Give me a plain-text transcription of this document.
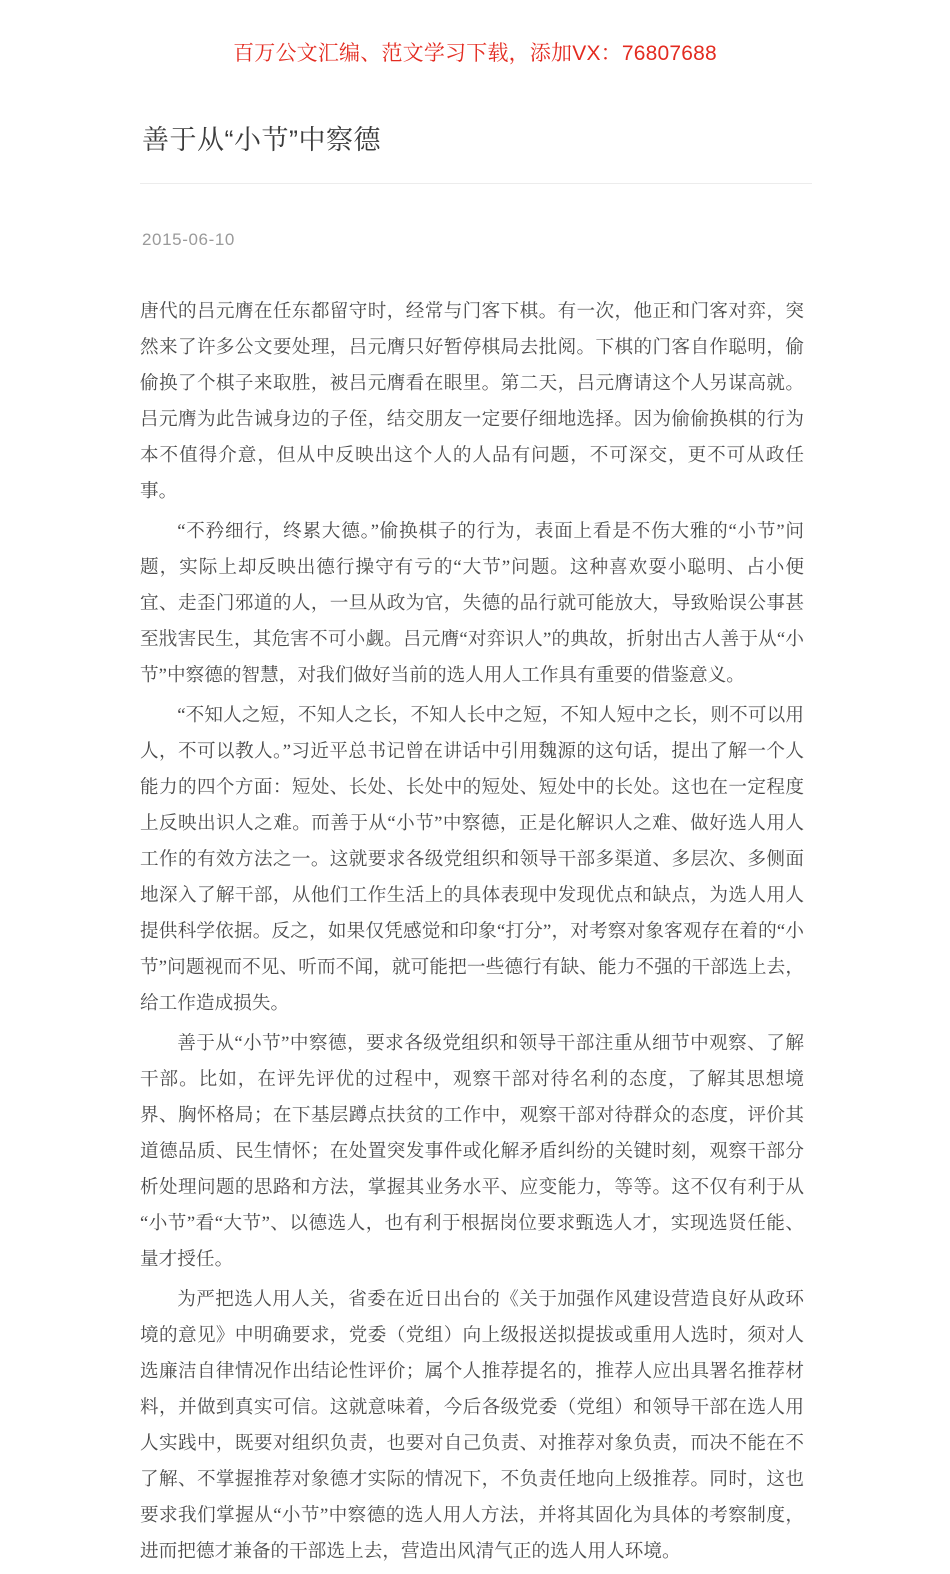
百万公文汇编、范文学习下载，添加VX：76807688
善于从“小节”中察德
2015-06-10

唐代的吕元膺在任东都留守时，经常与门客下棋。有一次，他正和门客对弈，突然来了许多公文要处理，吕元膺只好暂停棋局去批阅。下棋的门客自作聪明，偷偷换了个棋子来取胜，被吕元膺看在眼里。第二天，吕元膺请这个人另谋高就。吕元膺为此告诫身边的子侄，结交朋友一定要仔细地选择。因为偷偷换棋的行为本不值得介意，但从中反映出这个人的人品有问题，不可深交，更不可从政任事。

“不矜细行，终累大德。”偷换棋子的行为，表面上看是不伤大雅的“小节”问题，实际上却反映出德行操守有亏的“大节”问题。这种喜欢耍小聪明、占小便宜、走歪门邪道的人，一旦从政为官，失德的品行就可能放大，导致贻误公事甚至戕害民生，其危害不可小觑。吕元膺“对弈识人”的典故，折射出古人善于从“小节”中察德的智慧，对我们做好当前的选人用人工作具有重要的借鉴意义。

“不知人之短，不知人之长，不知人长中之短，不知人短中之长，则不可以用人，不可以教人。”习近平总书记曾在讲话中引用魏源的这句话，提出了解一个人能力的四个方面：短处、长处、长处中的短处、短处中的长处。这也在一定程度上反映出识人之难。而善于从“小节”中察德，正是化解识人之难、做好选人用人工作的有效方法之一。这就要求各级党组织和领导干部多渠道、多层次、多侧面地深入了解干部，从他们工作生活上的具体表现中发现优点和缺点，为选人用人提供科学依据。反之，如果仅凭感觉和印象“打分”，对考察对象客观存在着的“小节”问题视而不见、听而不闻，就可能把一些德行有缺、能力不强的干部选上去，给工作造成损失。

善于从“小节”中察德，要求各级党组织和领导干部注重从细节中观察、了解干部。比如，在评先评优的过程中，观察干部对待名利的态度，了解其思想境界、胸怀格局；在下基层蹲点扶贫的工作中，观察干部对待群众的态度，评价其道德品质、民生情怀；在处置突发事件或化解矛盾纠纷的关键时刻，观察干部分析处理问题的思路和方法，掌握其业务水平、应变能力，等等。这不仅有利于从“小节”看“大节”、以德选人，也有利于根据岗位要求甄选人才，实现选贤任能、量才授任。

为严把选人用人关，省委在近日出台的《关于加强作风建设营造良好从政环境的意见》中明确要求，党委（党组）向上级报送拟提拔或重用人选时，须对人选廉洁自律情况作出结论性评价；属个人推荐提名的，推荐人应出具署名推荐材料，并做到真实可信。这就意味着，今后各级党委（党组）和领导干部在选人用人实践中，既要对组织负责，也要对自己负责、对推荐对象负责，而决不能在不了解、不掌握推荐对象德才实际的情况下，不负责任地向上级推荐。同时，这也要求我们掌握从“小节”中察德的选人用人方法，并将其固化为具体的考察制度，进而把德才兼备的干部选上去，营造出风清气正的选人用人环境。
